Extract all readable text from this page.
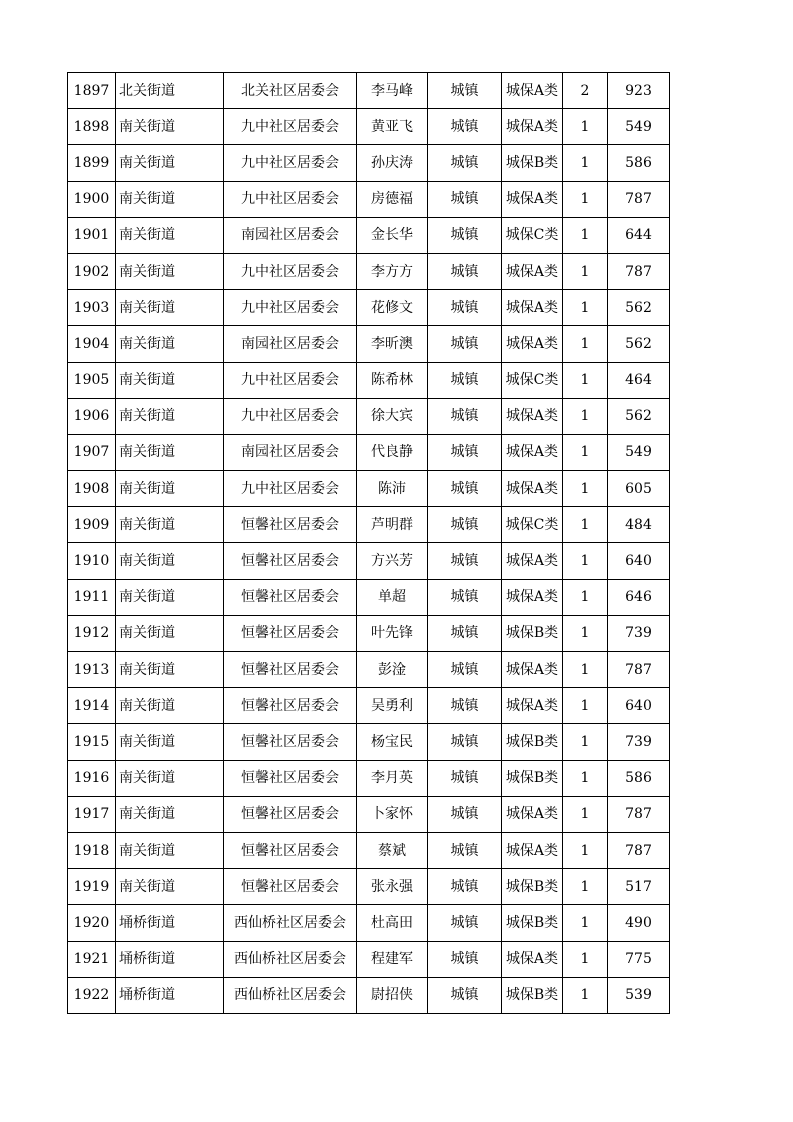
1897	北关街道	北关社区居委会	李马峰	城镇	城保A类	2	923
1898	南关街道	九中社区居委会	黄亚飞	城镇	城保A类	1	549
1899	南关街道	九中社区居委会	孙庆涛	城镇	城保B类	1	586
1900	南关街道	九中社区居委会	房德福	城镇	城保A类	1	787
1901	南关街道	南园社区居委会	金长华	城镇	城保C类	1	644
1902	南关街道	九中社区居委会	李方方	城镇	城保A类	1	787
1903	南关街道	九中社区居委会	花修文	城镇	城保A类	1	562
1904	南关街道	南园社区居委会	李昕澳	城镇	城保A类	1	562
1905	南关街道	九中社区居委会	陈希林	城镇	城保C类	1	464
1906	南关街道	九中社区居委会	徐大宾	城镇	城保A类	1	562
1907	南关街道	南园社区居委会	代良静	城镇	城保A类	1	549
1908	南关街道	九中社区居委会	陈沛	城镇	城保A类	1	605
1909	南关街道	恒馨社区居委会	芦明群	城镇	城保C类	1	484
1910	南关街道	恒馨社区居委会	方兴芳	城镇	城保A类	1	640
1911	南关街道	恒馨社区居委会	单超	城镇	城保A类	1	646
1912	南关街道	恒馨社区居委会	叶先锋	城镇	城保B类	1	739
1913	南关街道	恒馨社区居委会	彭淦	城镇	城保A类	1	787
1914	南关街道	恒馨社区居委会	吴勇利	城镇	城保A类	1	640
1915	南关街道	恒馨社区居委会	杨宝民	城镇	城保B类	1	739
1916	南关街道	恒馨社区居委会	李月英	城镇	城保B类	1	586
1917	南关街道	恒馨社区居委会	卜家怀	城镇	城保A类	1	787
1918	南关街道	恒馨社区居委会	蔡斌	城镇	城保A类	1	787
1919	南关街道	恒馨社区居委会	张永强	城镇	城保B类	1	517
1920	埇桥街道	西仙桥社区居委会	杜高田	城镇	城保B类	1	490
1921	埇桥街道	西仙桥社区居委会	程建军	城镇	城保A类	1	775
1922	埇桥街道	西仙桥社区居委会	尉招侠	城镇	城保B类	1	539
